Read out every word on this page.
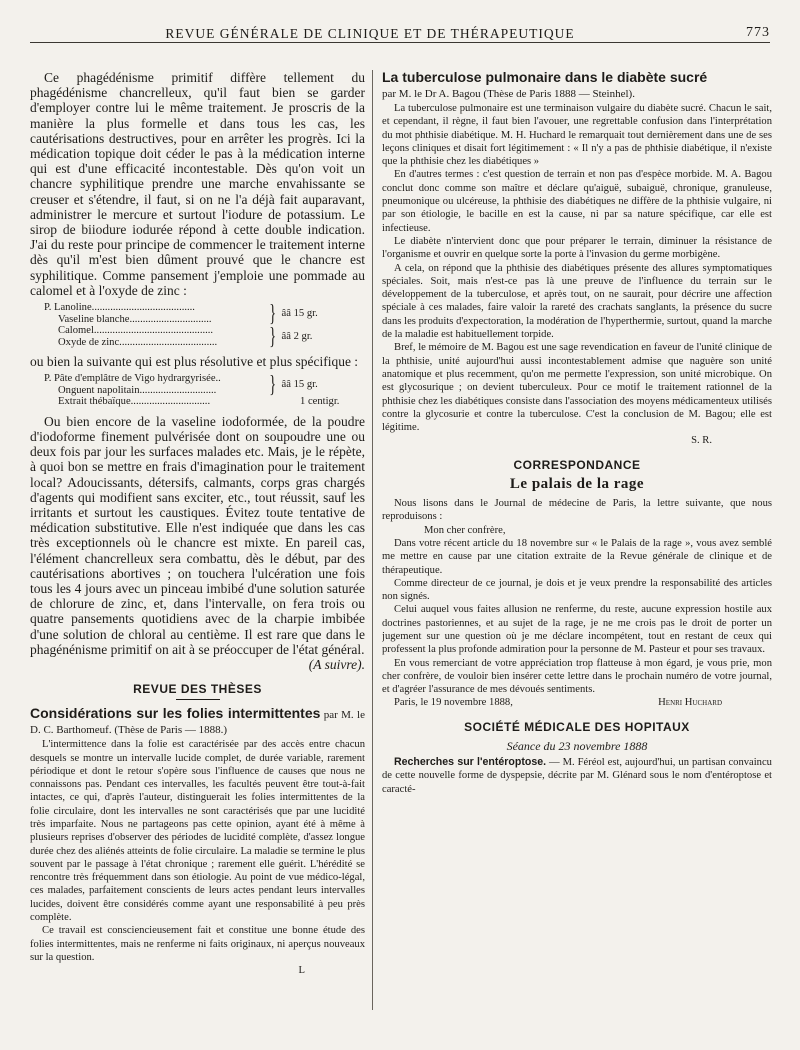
REVUE GÉNÉRALE DE CLINIQUE ET DE THÉRAPEUTIQUE	773

Ce phagédénisme primitif diffère tellement du phagédénisme chancrelleux, qu'il faut bien se garder d'employer contre lui le même traitement. Je proscris de la manière la plus formelle et dans tous les cas, les cautérisations destructives, pour en arrêter les progrès. Ici la médication topique doit céder le pas à la médication interne qui est d'une efficacité incontestable. Dès qu'on voit un chancre syphilitique prendre une marche envahissante se creuser et s'étendre, il faut, si on ne l'a déjà fait auparavant, administrer le mercure et surtout l'iodure de potassium. Le sirop de biiodure iodurée répond à cette double indication. J'ai du reste pour principe de commencer le traitement interne dès qu'il m'est bien dûment prouvé que le chancre est syphilitique. Comme pansement j'emploie une pommade au calomel et à l'oxyde de zinc :

P. Lanoline.......................................
Vaseline blanche...............................	} ââ 15 gr.
Calomel.............................................
Oxyde de zinc.....................................	} ââ 2 gr.

ou bien la suivante qui est plus résolutive et plus spécifique :

P. Pâte d'emplâtre de Vigo hydrargyrisée..
Onguent napolitain.............................	} ââ 15 gr.
Extrait thébaïque..............................	1 centigr.

Ou bien encore de la vaseline iodoformée, de la poudre d'iodoforme finement pulvérisée dont on soupoudre une ou deux fois par jour les surfaces malades etc. Mais, je le répète, à quoi bon se mettre en frais d'imagination pour le traitement local? Adoucissants, détersifs, calmants, corps gras chargés d'agents qui modifient sans exciter, etc., tout réussit, sauf les irritants et surtout les caustiques. Évitez toute tentative de médication substitutive. Elle n'est indiquée que dans les cas très exceptionnels où le chancre est mixte. En pareil cas, l'élément chancrelleux sera combattu, dès le début, par des cautérisations abortives ; on touchera l'ulcération une fois tous les 4 jours avec un pinceau imbibé d'une solution saturée de chlorure de zinc, et, dans l'intervalle, on fera trois ou quatre pansements quotidiens avec de la charpie imbibée d'une solution de chloral au centième. Il est rare que dans le phagénénisme primitif on ait à se préoccuper de l'état général.

(A suivre).

REVUE DES THÈSES

Considérations sur les folies intermittentes par M. le D. C. Barthomeuf. (Thèse de Paris — 1888.)

L'intermittence dans la folie est caractérisée par des accès entre chacun desquels se montre un intervalle lucide complet, de durée variable, rarement périodique et dont le retour s'opère sous l'influence de causes que nous ne connaissons pas. Pendant ces intervalles, les facultés peuvent être tout-à-fait intactes, ce qui, d'après l'auteur, distinguerait les folies intermittentes de la folie circulaire, dont les intervalles ne sont caractérisés que par une lucidité très imparfaite. Nous ne partageons pas cette opinion, ayant été à même à plusieurs reprises d'observer des périodes de lucidité complète, d'assez longue durée chez des aliénés atteints de folie circulaire. La maladie se termine le plus souvent par le passage à l'état chronique ; rarement elle guérit. L'hérédité se rencontre très fréquemment dans son étiologie. Au point de vue médico-légal, ces malades, parfaitement conscients de leurs actes pendant leurs intervalles lucides, doivent être considérés comme ayant une responsabilité à peu près complète.

Ce travail est consciencieusement fait et constitue une bonne étude des folies intermittentes, mais ne renferme ni faits originaux, ni aperçus nouveaux sur la question.

L

La tuberculose pulmonaire dans le diabète sucré
par M. le Dr A. Bagou (Thèse de Paris 1888 — Steinhel).

La tuberculose pulmonaire est une terminaison vulgaire du diabète sucré. Chacun le sait, et cependant, il règne, il faut bien l'avouer, une regrettable confusion dans l'interprétation du mot phthisie diabétique. M. H. Huchard le remarquait tout dernièrement dans une de ses leçons cliniques et disait fort légitimement : « Il n'y a pas de phthisie diabétique, il n'existe que la phthisie chez les diabétiques »

En d'autres termes : c'est question de terrain et non pas d'espèce morbide. M. A. Bagou conclut donc comme son maître et déclare qu'aiguë, subaiguë, chronique, granuleuse, pneumonique ou ulcéreuse, la phthisie des diabétiques ne diffère de la phthisie vulgaire, ni par son étiologie, le bacille en est la cause, ni par sa nature spécifique, car elle est infectieuse.

Le diabète n'intervient donc que pour préparer le terrain, diminuer la résistance de l'organisme et ouvrir en quelque sorte la porte à l'invasion du germe morbigène.

A cela, on répond que la phthisie des diabétiques présente des allures symptomatiques spéciales. Soit, mais n'est-ce pas là une preuve de l'influence du terrain sur le développement de la tuberculose, et après tout, on ne saurait, pour décrire une affection spéciale à ces malades, faire valoir la rareté des crachats sanglants, la présence du sucre dans les produits d'expectoration, la modération de l'hyperthermie, surtout, quand la marche de la maladie est habituellement torpide.

Bref, le mémoire de M. Bagou est une sage revendication en faveur de l'unité clinique de la phthisie, unité aujourd'hui aussi incontestablement admise que naguère son unité anatomique et plus recemment, qu'on me permette l'expression, son unité microbique. On est glycosurique ; on devient tuberculeux. Pour ce motif le traitement rationnel de la phthisie chez les diabétiques consiste dans l'association des moyens médicamenteux utilisés contre la glycosurie et contre la tuberculose. C'est la conclusion de M. Bagou; elle est légitime.

S. R.

CORRESPONDANCE
Le palais de la rage

Nous lisons dans le Journal de médecine de Paris, la lettre suivante, que nous reproduisons :

Mon cher confrère,

Dans votre récent article du 18 novembre sur « le Palais de la rage », vous avez semblé me mettre en cause par une citation extraite de la Revue générale de clinique et de thérapeutique.

Comme directeur de ce journal, je dois et je veux prendre la responsabilité des articles non signés.

Celui auquel vous faites allusion ne renferme, du reste, aucune expression hostile aux doctrines pastoriennes, et au sujet de la rage, je ne me crois pas le droit de porter un jugement sur une question où je me déclare incompétent, tout en restant de ceux qui professent la plus profonde admiration pour la personne de M. Pasteur et pour ses travaux.

En vous remerciant de votre appréciation trop flatteuse à mon égard, je vous prie, mon cher confrère, de vouloir bien insérer cette lettre dans le prochain numéro de votre journal, et d'agréer l'assurance de mes dévoués sentiments.

Paris, le 19 novembre 1888,	Henri Huchard
SOCIÉTÉ MÉDICALE DES HOPITAUX
Séance du 23 novembre 1888

Recherches sur l'entéroptose. — M. Féréol est, aujourd'hui, un partisan convaincu de cette nouvelle forme de dyspepsie, décrite par M. Glénard sous le nom d'entéroptose et caracté-
